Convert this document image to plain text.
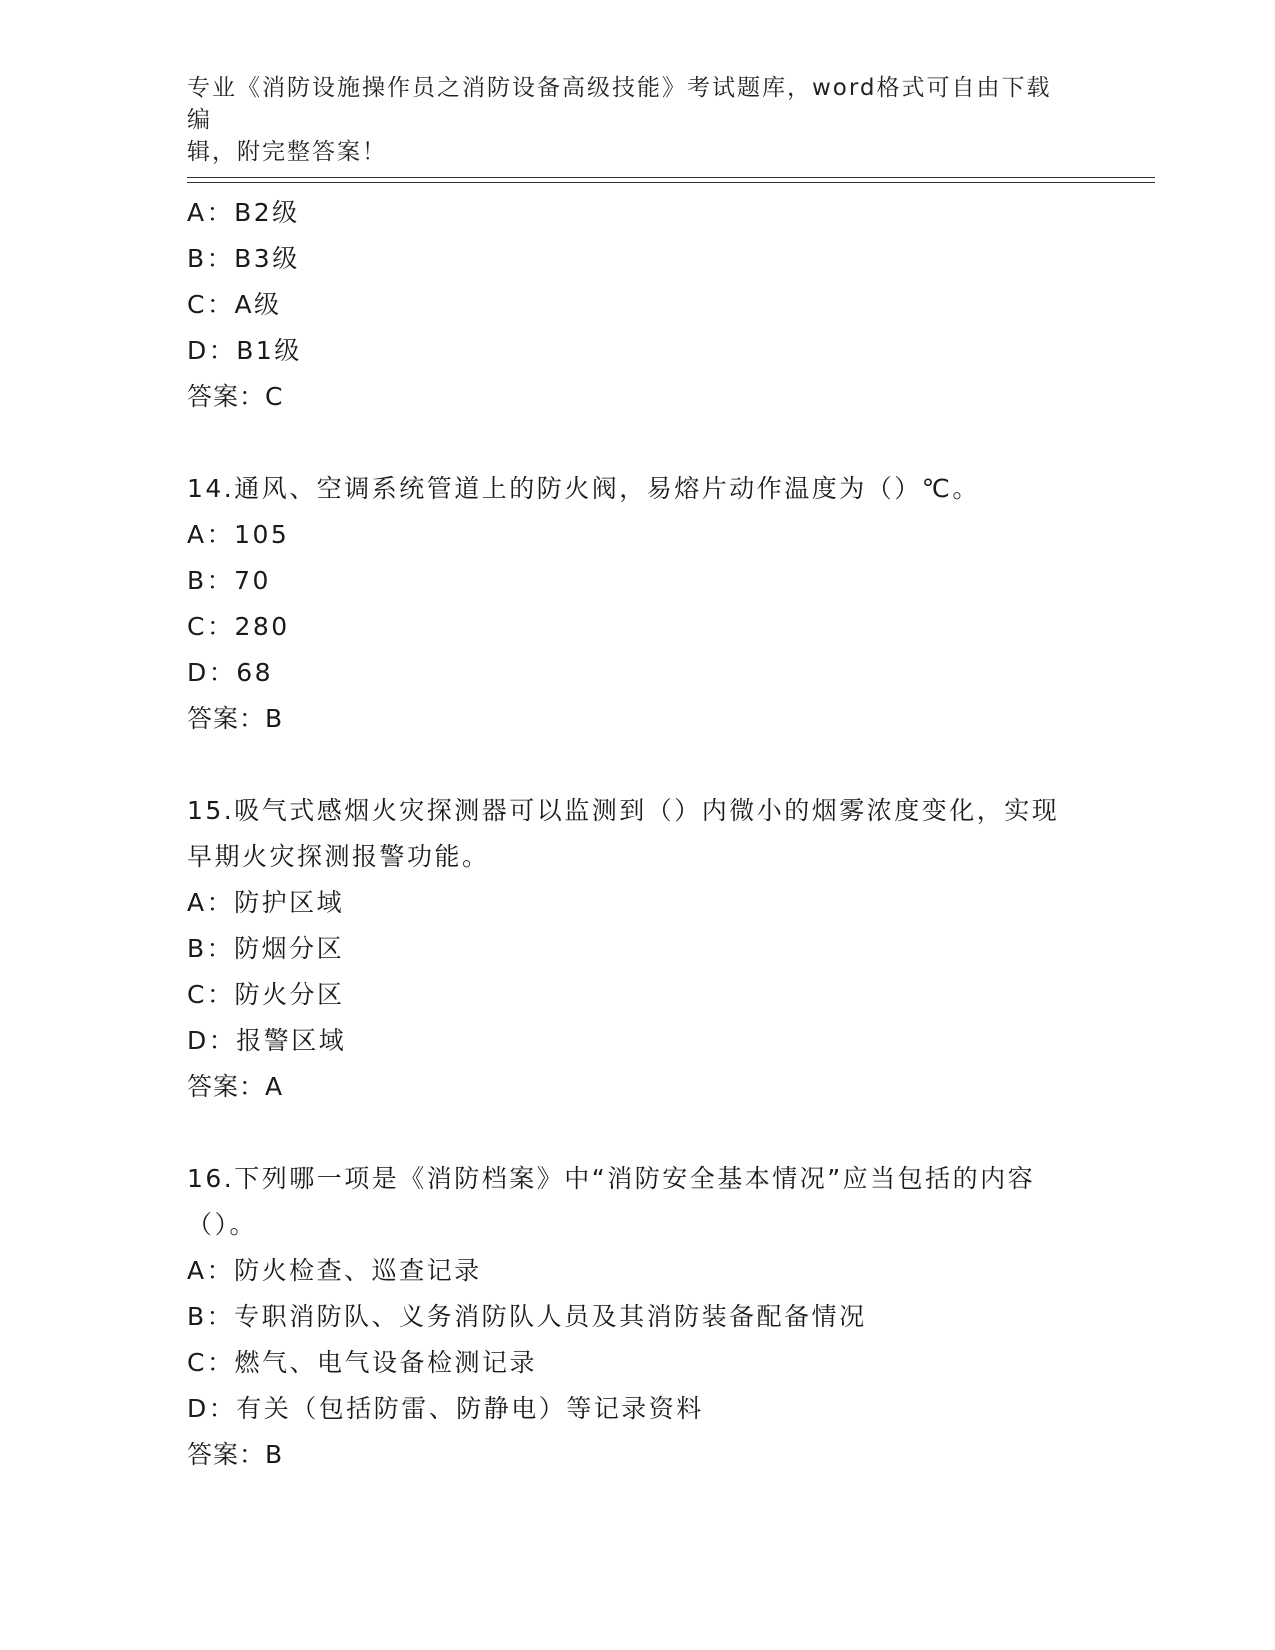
专业《消防设施操作员之消防设备高级技能》考试题库，word格式可自由下载编
辑，附完整答案！

A：B2级

B：B3级

C：A级

D：B1级

答案：C

14.通风、空调系统管道上的防火阀，易熔片动作温度为（）℃。

A：105

B：70

C：280

D：68

答案：B

15.吸气式感烟火灾探测器可以监测到（）内微小的烟雾浓度变化，实现早期火灾探测报警功能。

A：防护区域

B：防烟分区

C：防火分区

D：报警区域

答案：A

16.下列哪一项是《消防档案》中“消防安全基本情况”应当包括的内容（）。

A：防火检查、巡查记录

B：专职消防队、义务消防队人员及其消防装备配备情况

C：燃气、电气设备检测记录

D：有关（包括防雷、防静电）等记录资料

答案：B
